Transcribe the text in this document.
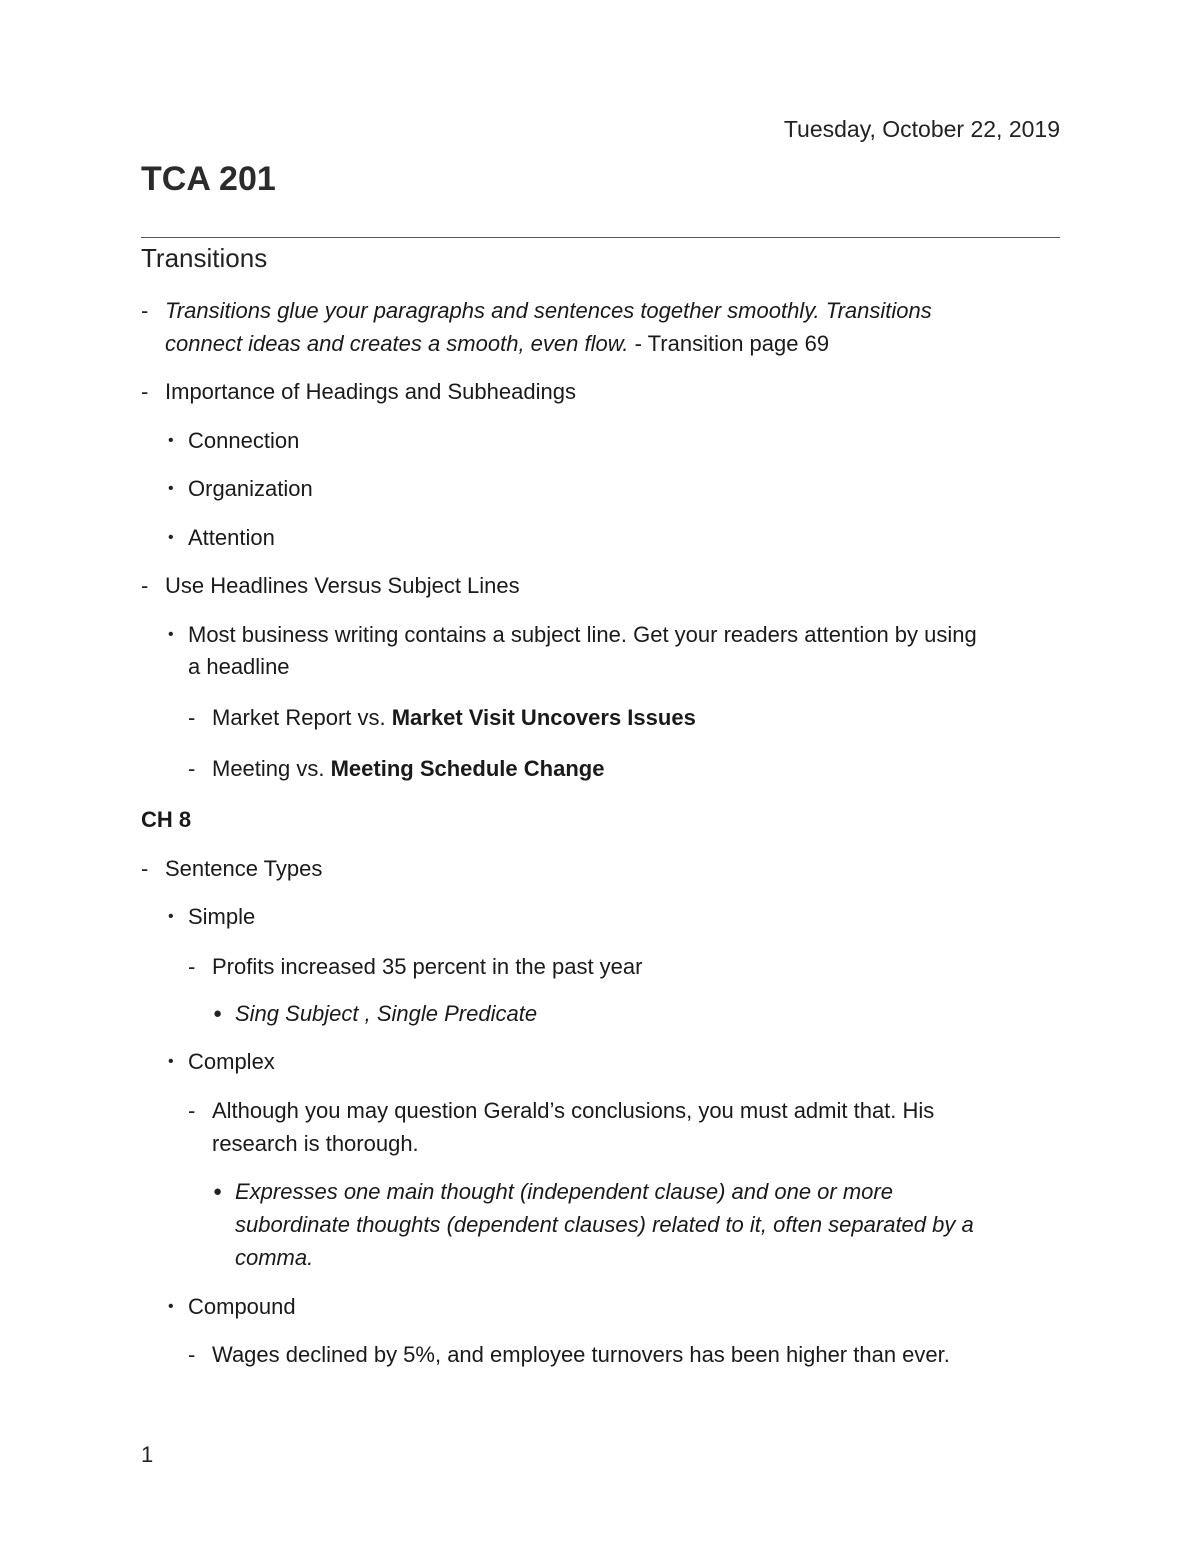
Tuesday, October 22, 2019
TCA 201
Transitions
- Transitions glue your paragraphs and sentences together smoothly. Transitions
connect ideas and creates a smooth, even flow. - Transition page 69
- Importance of Headings and Subheadings
• Connection
• Organization
• Attention
- Use Headlines Versus Subject Lines
• Most business writing contains a subject line. Get your readers attention by using
a headline
- Market Report vs. Market Visit Uncovers Issues
- Meeting vs. Meeting Schedule Change
CH 8
- Sentence Types
• Simple
- Profits increased 35 percent in the past year
● Sing Subject , Single Predicate
• Complex
- Although you may question Gerald’s conclusions, you must admit that. His
research is thorough.
● Expresses one main thought (independent clause) and one or more
subordinate thoughts (dependent clauses) related to it, often separated by a
comma.
• Compound
- Wages declined by 5%, and employee turnovers has been higher than ever.
1
